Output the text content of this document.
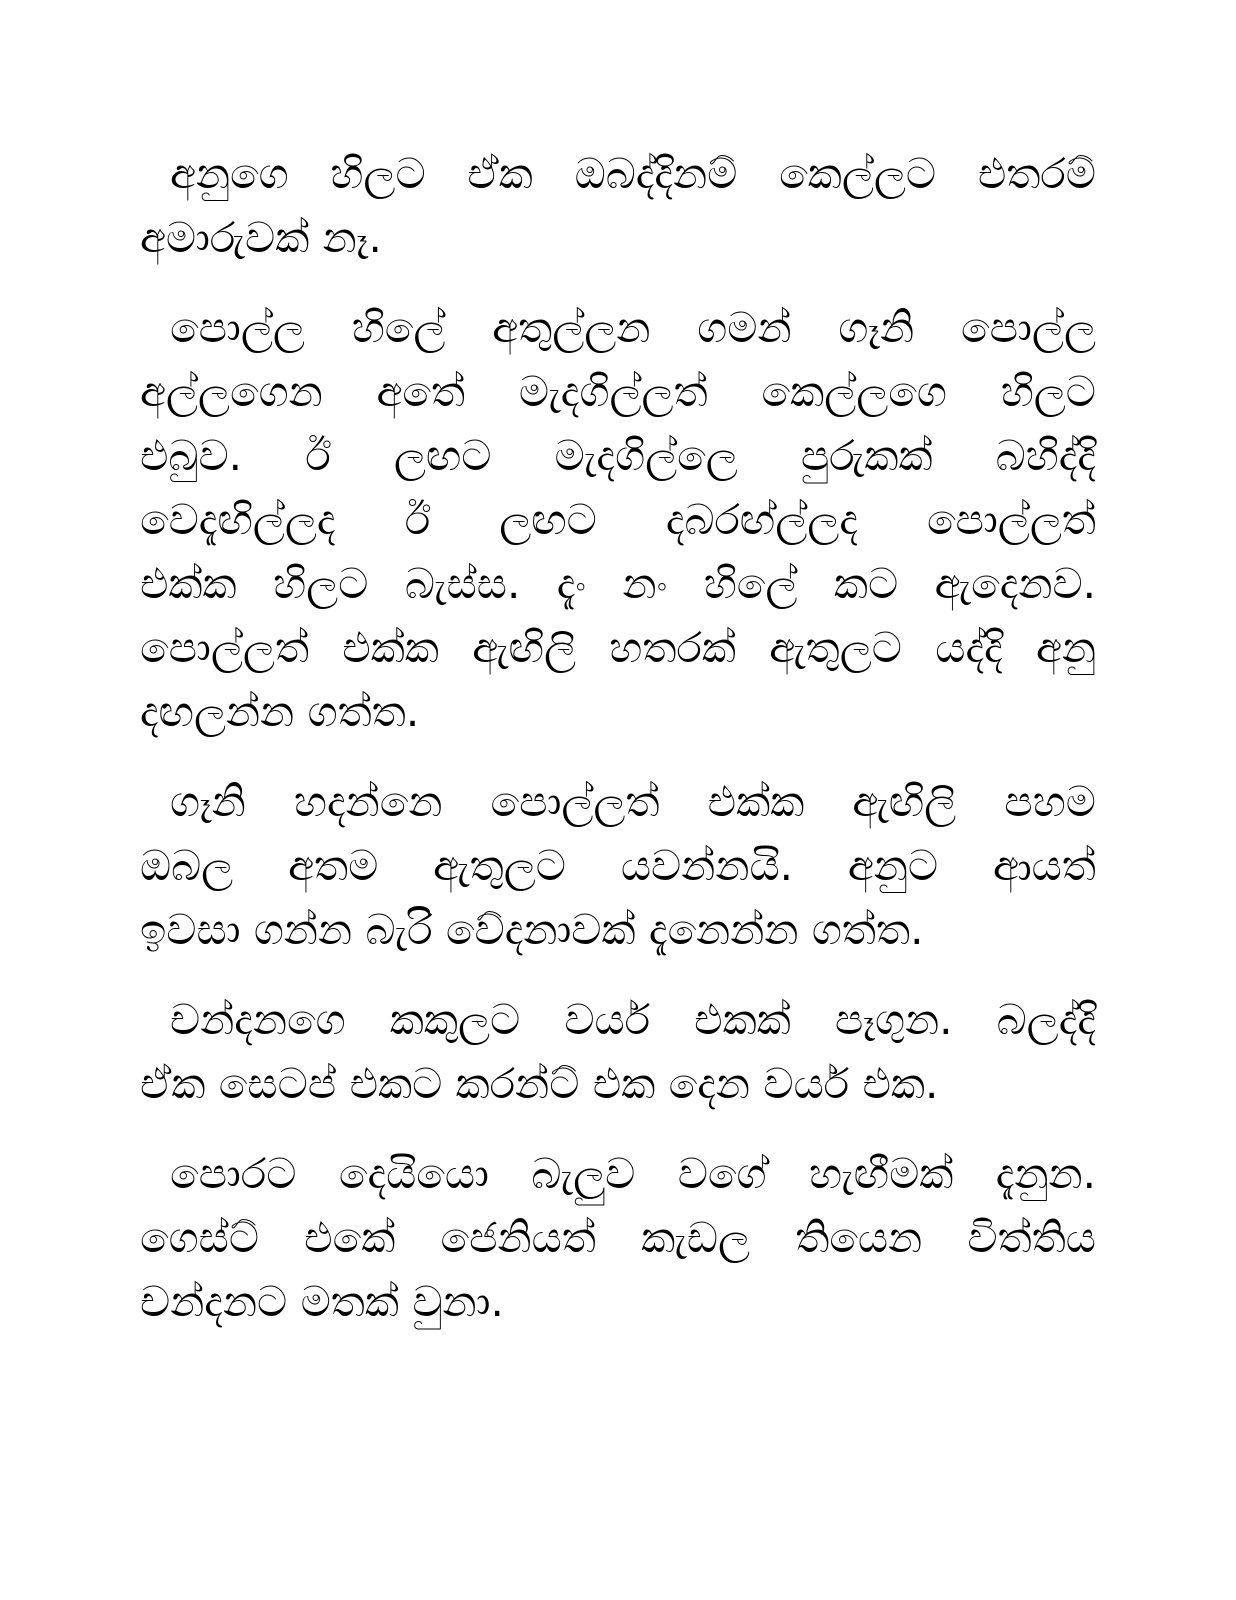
අනුගෙ හිලට ඒක ඔබද්දිනම් කෙල්ලට එතරම්
අමාරුවක් නෑ.
පොල්ල හිලේ අතුල්ලන ගමන් ගෑනි පොල්ල
අල්ලගෙන අතේ මැදගිල්ලත් කෙල්ලගෙ හිලට
එබුව. ඊ ලඟට මැදගිල්ලෙ පුරුකක් බහිද්දි
වෙදැඟිල්ලද ඊ ලඟට දබරඟ්ල්ලද පොල්ලත්
එක්ක හිලට බැස්ස. දැං නං හිලේ කට ඇදෙනව.
පොල්ලත් එක්ක ඇඟිලි හතරක් ඇතුලට යද්දි අනු
දඟලන්න ගත්ත.
ගෑනි හදන්නෙ පොල්ලත් එක්ක ඇඟිලි පහම
ඔබල අතම ඇතුලට යවන්නයි. අනුට ආයත්
ඉවසා ගන්න බැරි වේදනාවක් දැනෙන්න ගත්ත.
චන්දනගෙ කකුලට වයර් එකක් පෑගුන. බලද්දි
ඒක සෙටප් එකට කරන්ට් එක දෙන වයර් එක.
පොරට දෙයියො බැලුව වගේ හැඟීමක් දැනුන.
ගෙස්ට් එකේ ජෙනියත් කැඩල තියෙන විත්තිය
චන්දනට මතක් වුනා.
